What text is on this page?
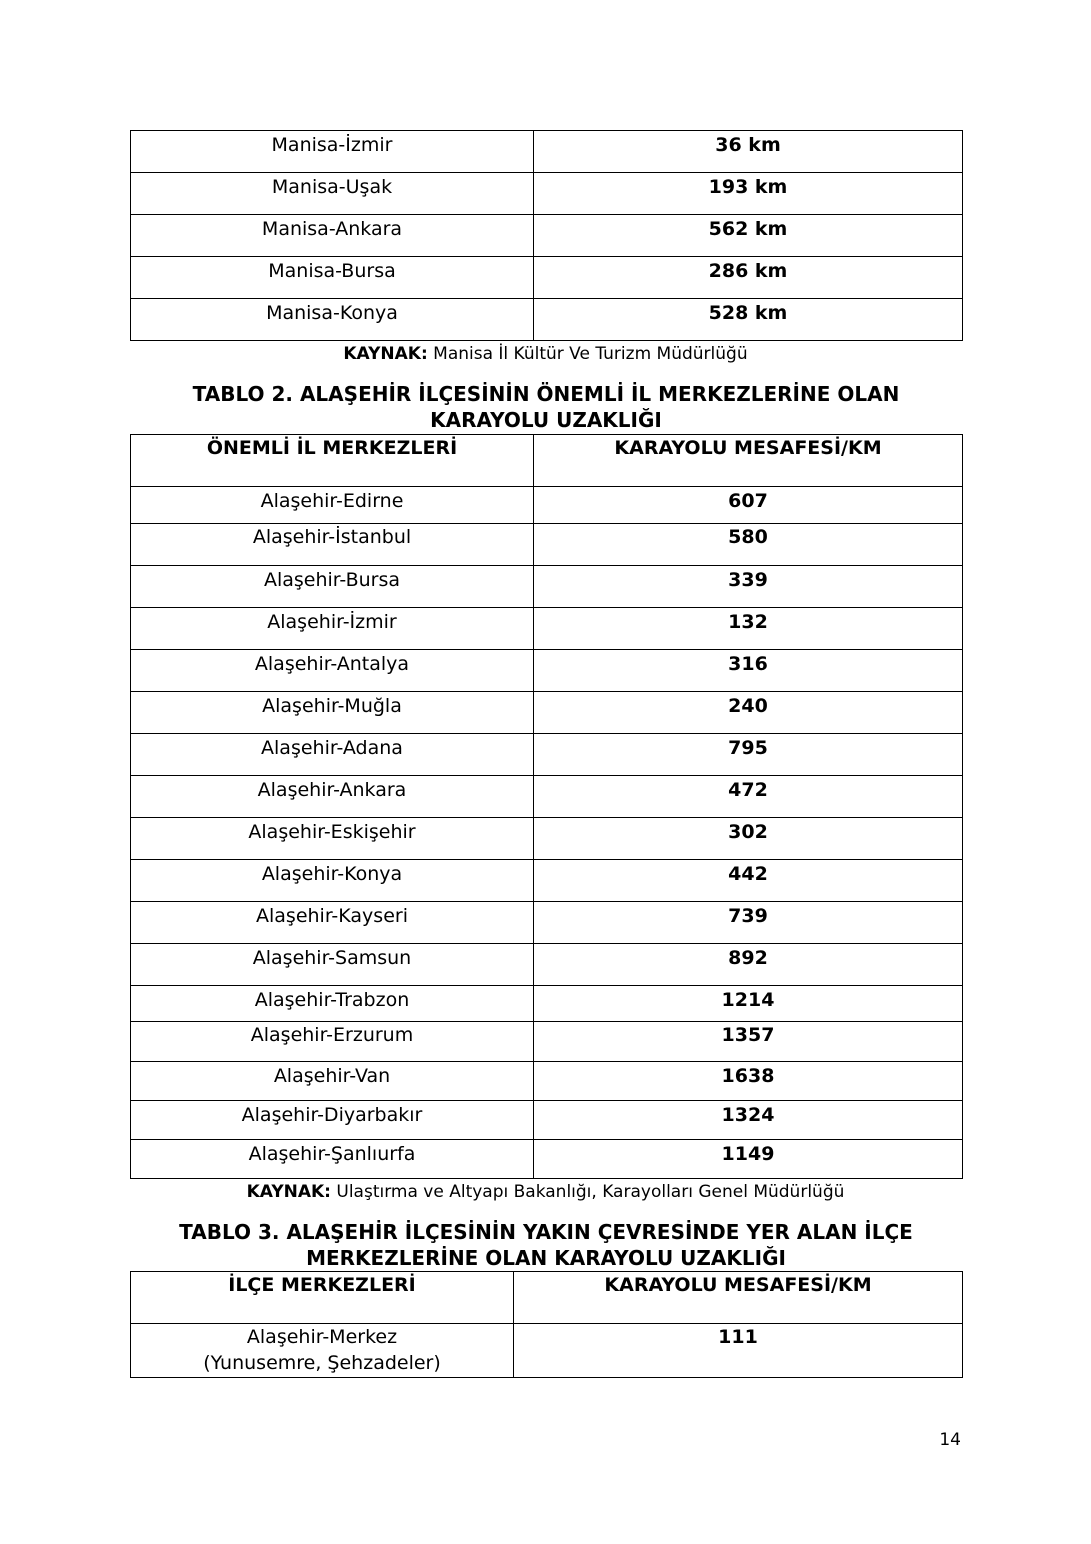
Manisa-İzmir	36 km
Manisa-Uşak	193 km
Manisa-Ankara	562 km
Manisa-Bursa	286 km
Manisa-Konya	528 km
KAYNAK: Manisa İl Kültür Ve Turizm Müdürlüğü
TABLO 2. ALAŞEHİR İLÇESİNİN ÖNEMLİ İL MERKEZLERİNE OLAN
KARAYOLU UZAKLIĞI
ÖNEMLİ İL MERKEZLERİ	KARAYOLU MESAFESİ/KM
Alaşehir-Edirne	607
Alaşehir-İstanbul	580
Alaşehir-Bursa	339
Alaşehir-İzmir	132
Alaşehir-Antalya	316
Alaşehir-Muğla	240
Alaşehir-Adana	795
Alaşehir-Ankara	472
Alaşehir-Eskişehir	302
Alaşehir-Konya	442
Alaşehir-Kayseri	739
Alaşehir-Samsun	892
Alaşehir-Trabzon	1214
Alaşehir-Erzurum	1357
Alaşehir-Van	1638
Alaşehir-Diyarbakır	1324
Alaşehir-Şanlıurfa	1149
KAYNAK: Ulaştırma ve Altyapı Bakanlığı, Karayolları Genel Müdürlüğü
TABLO 3. ALAŞEHİR İLÇESİNİN YAKIN ÇEVRESİNDE YER ALAN İLÇE
MERKEZLERİNE OLAN KARAYOLU UZAKLIĞI
İLÇE MERKEZLERİ	KARAYOLU MESAFESİ/KM

Alaşehir-Merkez
(Yunusemre, Şehzadeler)	111
14
